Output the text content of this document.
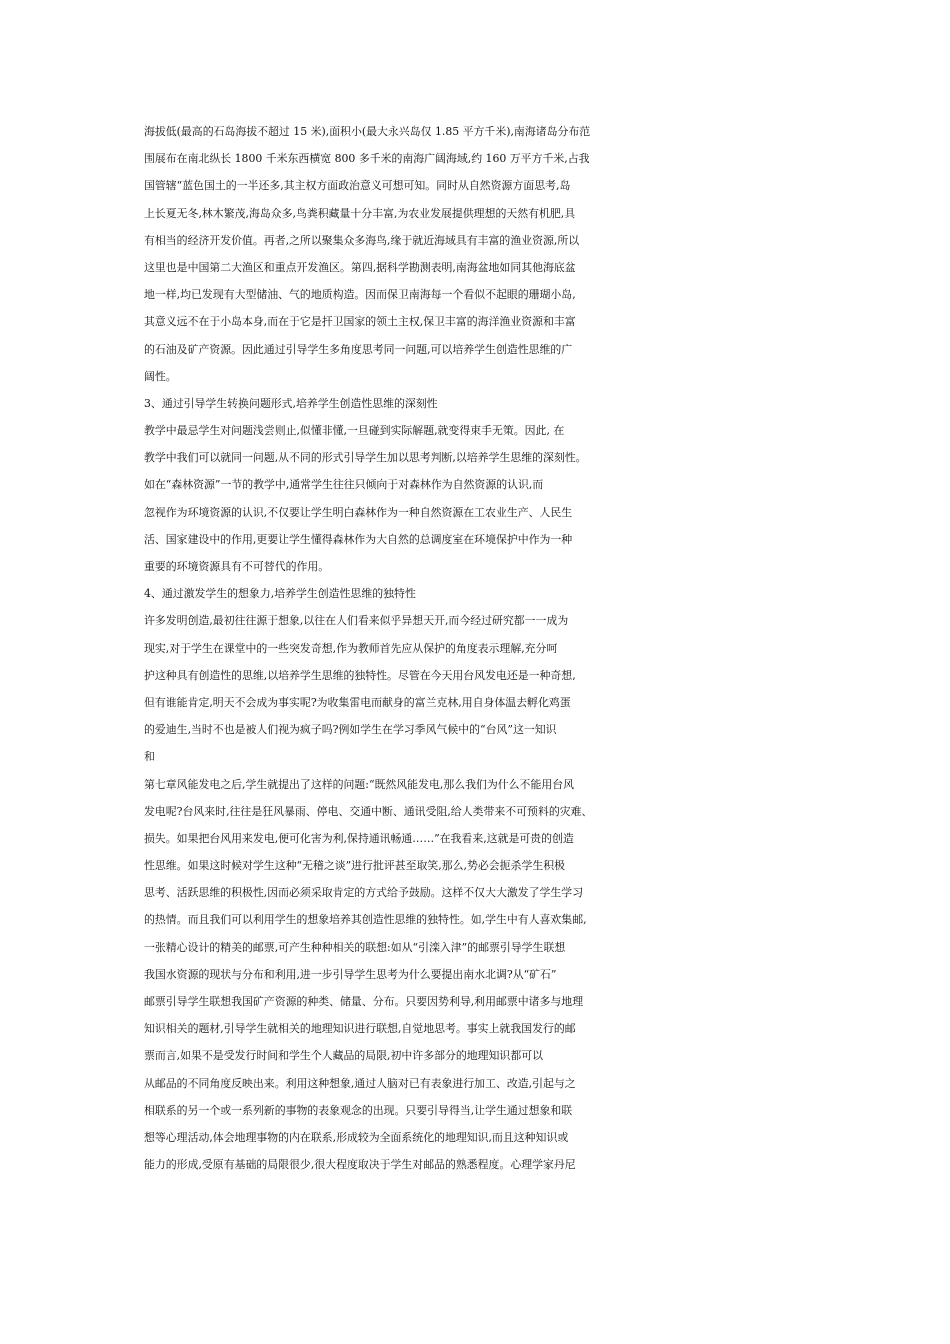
海拔低(最高的石岛海拔不超过 15 米),面积小(最大永兴岛仅 1.85 平方千米),南海诸岛分布范
围展布在南北纵长 1800 千米东西横宽 800 多千米的南海广阔海域,约 160 万平方千米,占我
国管辖“蓝色国土的一半还多,其主权方面政治意义可想可知。同时从自然资源方面思考,岛
上长夏无冬,林木繁茂,海岛众多,鸟粪积藏量十分丰富,为农业发展提供理想的天然有机肥,具
有相当的经济开发价值。再者,之所以聚集众多海鸟,缘于就近海域具有丰富的渔业资源,所以
这里也是中国第二大渔区和重点开发渔区。第四,据科学勘测表明,南海盆地如同其他海底盆
地一样,均已发现有大型储油、气的地质构造。因而保卫南海每一个看似不起眼的珊瑚小岛,
其意义远不在于小岛本身,而在于它是扞卫国家的领土主权,保卫丰富的海洋渔业资源和丰富
的石油及矿产资源。因此通过引导学生多角度思考同一问题,可以培养学生创造性思维的广
阔性。
3、通过引导学生转换问题形式,培养学生创造性思维的深刻性
教学中最忌学生对问题浅尝则止,似懂非懂,一旦碰到实际解题,就变得束手无策。因此, 在
教学中我们可以就同一问题,从不同的形式引导学生加以思考判断,以培养学生思维的深刻性。
如在“森林资源”一节的教学中,通常学生往往只倾向于对森林作为自然资源的认识,而
忽视作为环境资源的认识,不仅要让学生明白森林作为一种自然资源在工农业生产、人民生
活、国家建设中的作用,更要让学生懂得森林作为大自然的总调度室在环境保护中作为一种
重要的环境资源具有不可替代的作用。
4、通过激发学生的想象力,培养学生创造性思维的独特性
许多发明创造,最初往往源于想象,以往在人们看来似乎异想天开,而今经过研究都一一成为
现实,对于学生在课堂中的一些突发奇想,作为教师首先应从保护的角度表示理解,充分呵
护这种具有创造性的思维,以培养学生思维的独特性。尽管在今天用台风发电还是一种奇想,
但有谁能肯定,明天不会成为事实呢?为收集雷电而献身的富兰克林,用自身体温去孵化鸡蛋
的爱迪生,当时不也是被人们视为疯子吗?例如学生在学习季风气候中的“台风”这一知识
和
第七章风能发电之后,学生就提出了这样的问题:“既然风能发电,那么我们为什么不能用台风
发电呢?台风来时,往往是狂风暴雨、停电、交通中断、通讯受阻,给人类带来不可预料的灾难、
损失。如果把台风用来发电,便可化害为利,保持通讯畅通……”在我看来,这就是可贵的创造
性思维。如果这时候对学生这种“无稽之谈”进行批评甚至取笑,那么,势必会扼杀学生积极
思考、活跃思维的积极性,因而必须采取肯定的方式给予鼓励。这样不仅大大激发了学生学习
的热情。而且我们可以利用学生的想象培养其创造性思维的独特性。如,学生中有人喜欢集邮,
一张精心设计的精美的邮票,可产生种种相关的联想:如从“引滦入津”的邮票引导学生联想
我国水资源的现状与分布和利用,进一步引导学生思考为什么要提出南水北调?从“矿石”
邮票引导学生联想我国矿产资源的种类、储量、分布。只要因势利导,利用邮票中诸多与地理
知识相关的题材,引导学生就相关的地理知识进行联想,自觉地思考。事实上就我国发行的邮
票而言,如果不是受发行时间和学生个人藏品的局限,初中许多部分的地理知识都可以
从邮品的不同角度反映出来。利用这种想象,通过人脑对已有表象进行加工、改造,引起与之
相联系的另一个或一系列新的事物的表象观念的出现。只要引导得当,让学生通过想象和联
想等心理活动,体会地理事物的内在联系,形成较为全面系统化的地理知识,而且这种知识或
能力的形成,受原有基础的局限很少,很大程度取决于学生对邮品的熟悉程度。心理学家丹尼
